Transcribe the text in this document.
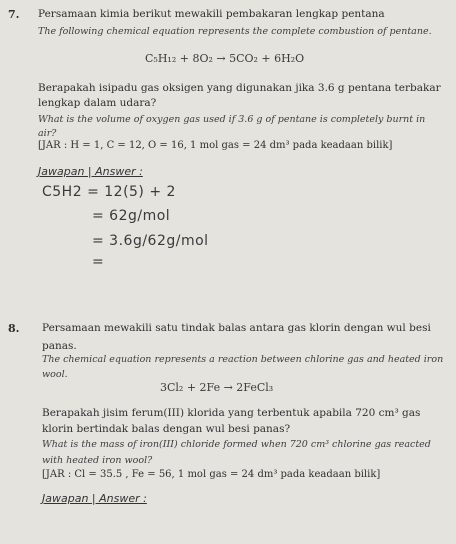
7. Persamaan kimia berikut mewakili pembakaran lengkap pentana
The following chemical equation represents the complete combustion of pentane.
C₅H₁₂ + 8O₂ → 5CO₂ + 6H₂O
Berapakah isipadu gas oksigen yang digunakan jika 3.6 g pentana terbakar
lengkap dalam udara?
What is the volume of oxygen gas used if 3.6 g of pentane is completely burnt in
air?
[JAR : H = 1, C = 12, O = 16, 1 mol gas = 24 dm³ pada keadaan bilik]
Jawapan | Answer :
C5H2 = 12(5) + 2
= 62g/mol
= 3.6g/62g/mol
=
8. Persamaan mewakili satu tindak balas antara gas klorin dengan wul besi
panas.
The chemical equation represents a reaction between chlorine gas and heated iron
wool.
3Cl₂ + 2Fe → 2FeCl₃
Berapakah jisim ferum(III) klorida yang terbentuk apabila 720 cm³ gas
klorin bertindak balas dengan wul besi panas?
What is the mass of iron(III) chloride formed when 720 cm³ chlorine gas reacted
with heated iron wool?
[JAR : Cl = 35.5 , Fe = 56, 1 mol gas = 24 dm³ pada keadaan bilik]
Jawapan | Answer :
